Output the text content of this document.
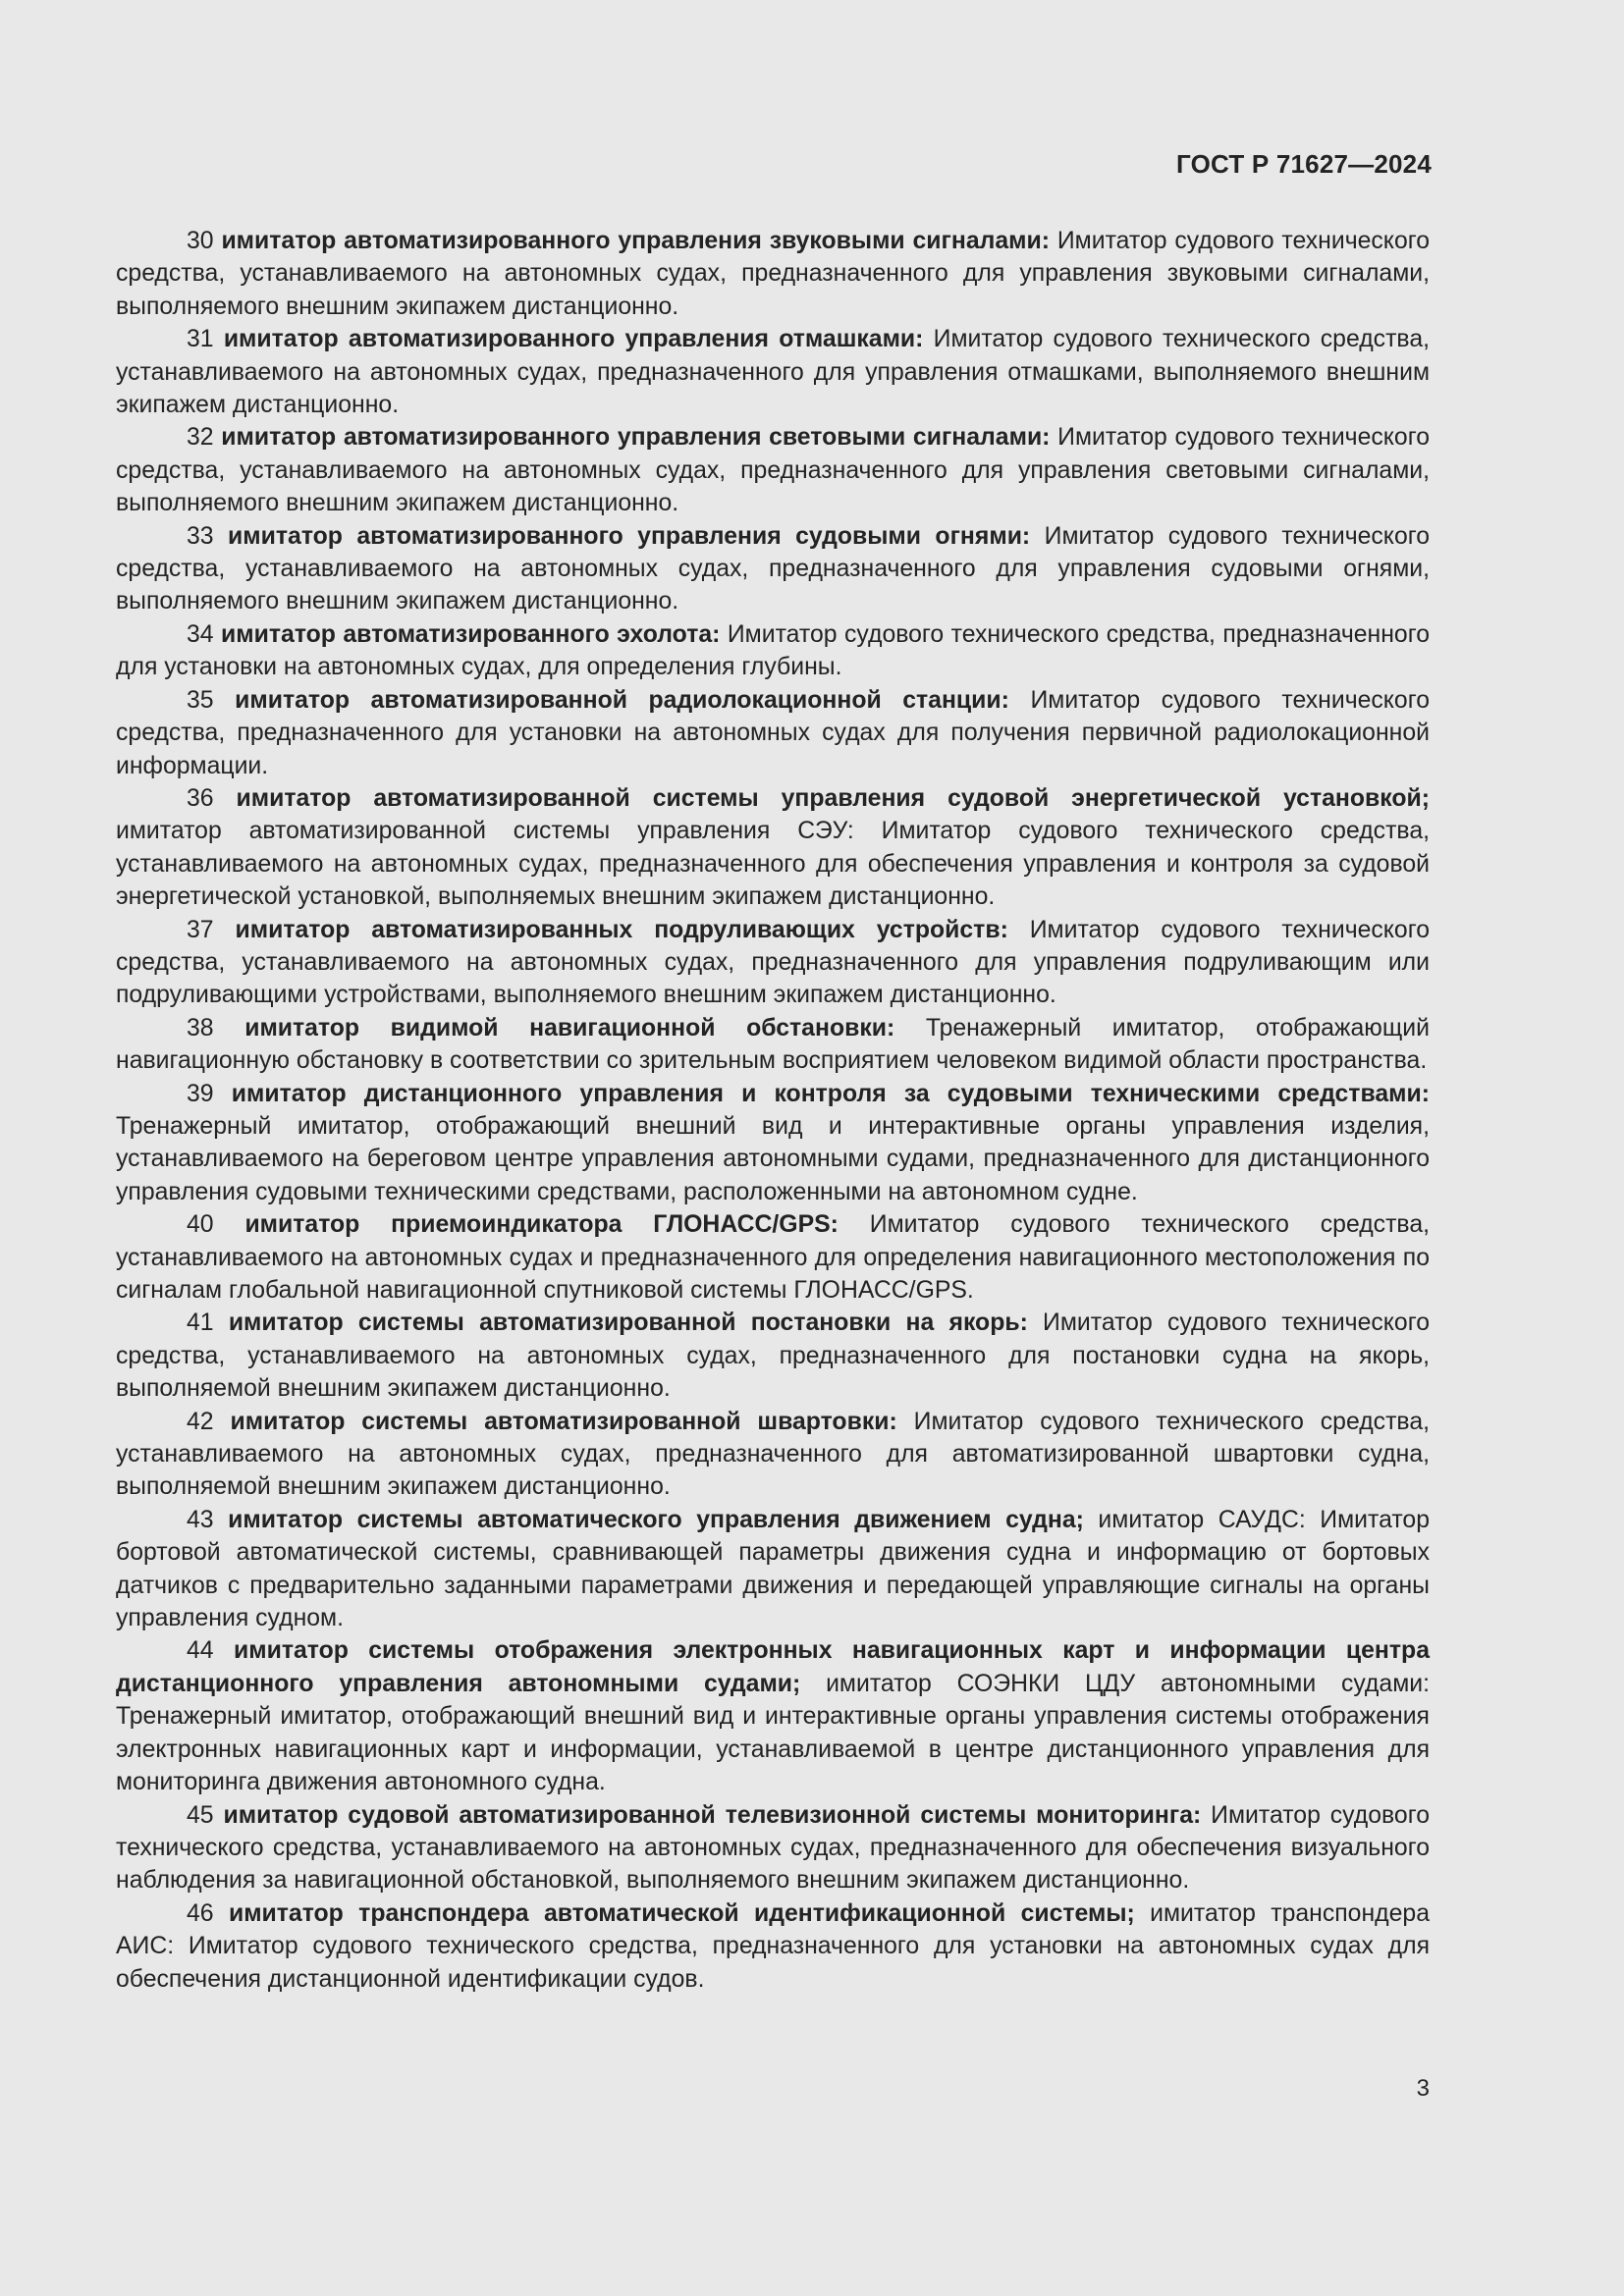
ГОСТ Р 71627—2024

30 имитатор автоматизированного управления звуковыми сигналами: Имитатор судового технического средства, устанавливаемого на автономных судах, предназначенного для управления звуковыми сигналами, выполняемого внешним экипажем дистанционно.

31 имитатор автоматизированного управления отмашками: Имитатор судового технического средства, устанавливаемого на автономных судах, предназначенного для управления отмашками, выполняемого внешним экипажем дистанционно.

32 имитатор автоматизированного управления световыми сигналами: Имитатор судового технического средства, устанавливаемого на автономных судах, предназначенного для управления световыми сигналами, выполняемого внешним экипажем дистанционно.

33 имитатор автоматизированного управления судовыми огнями: Имитатор судового технического средства, устанавливаемого на автономных судах, предназначенного для управления судовыми огнями, выполняемого внешним экипажем дистанционно.

34 имитатор автоматизированного эхолота: Имитатор судового технического средства, предназначенного для установки на автономных судах, для определения глубины.

35 имитатор автоматизированной радиолокационной станции: Имитатор судового технического средства, предназначенного для установки на автономных судах для получения первичной радиолокационной информации.

36 имитатор автоматизированной системы управления судовой энергетической установкой; имитатор автоматизированной системы управления СЭУ: Имитатор судового технического средства, устанавливаемого на автономных судах, предназначенного для обеспечения управления и контроля за судовой энергетической установкой, выполняемых внешним экипажем дистанционно.

37 имитатор автоматизированных подруливающих устройств: Имитатор судового технического средства, устанавливаемого на автономных судах, предназначенного для управления подруливающим или подруливающими устройствами, выполняемого внешним экипажем дистанционно.

38 имитатор видимой навигационной обстановки: Тренажерный имитатор, отображающий навигационную обстановку в соответствии со зрительным восприятием человеком видимой области пространства.

39 имитатор дистанционного управления и контроля за судовыми техническими средствами: Тренажерный имитатор, отображающий внешний вид и интерактивные органы управления изделия, устанавливаемого на береговом центре управления автономными судами, предназначенного для дистанционного управления судовыми техническими средствами, расположенными на автономном судне.

40 имитатор приемоиндикатора ГЛОНАСС/GPS: Имитатор судового технического средства, устанавливаемого на автономных судах и предназначенного для определения навигационного местоположения по сигналам глобальной навигационной спутниковой системы ГЛОНАСС/GPS.

41 имитатор системы автоматизированной постановки на якорь: Имитатор судового технического средства, устанавливаемого на автономных судах, предназначенного для постановки судна на якорь, выполняемой внешним экипажем дистанционно.

42 имитатор системы автоматизированной швартовки: Имитатор судового технического средства, устанавливаемого на автономных судах, предназначенного для автоматизированной швартовки судна, выполняемой внешним экипажем дистанционно.

43 имитатор системы автоматического управления движением судна; имитатор САУДС: Имитатор бортовой автоматической системы, сравнивающей параметры движения судна и информацию от бортовых датчиков с предварительно заданными параметрами движения и передающей управляющие сигналы на органы управления судном.

44 имитатор системы отображения электронных навигационных карт и информации центра дистанционного управления автономными судами; имитатор СОЭНКИ ЦДУ автономными судами: Тренажерный имитатор, отображающий внешний вид и интерактивные органы управления системы отображения электронных навигационных карт и информации, устанавливаемой в центре дистанционного управления для мониторинга движения автономного судна.

45 имитатор судовой автоматизированной телевизионной системы мониторинга: Имитатор судового технического средства, устанавливаемого на автономных судах, предназначенного для обеспечения визуального наблюдения за навигационной обстановкой, выполняемого внешним экипажем дистанционно.

46 имитатор транспондера автоматической идентификационной системы; имитатор транспондера АИС: Имитатор судового технического средства, предназначенного для установки на автономных судах для обеспечения дистанционной идентификации судов.

3
